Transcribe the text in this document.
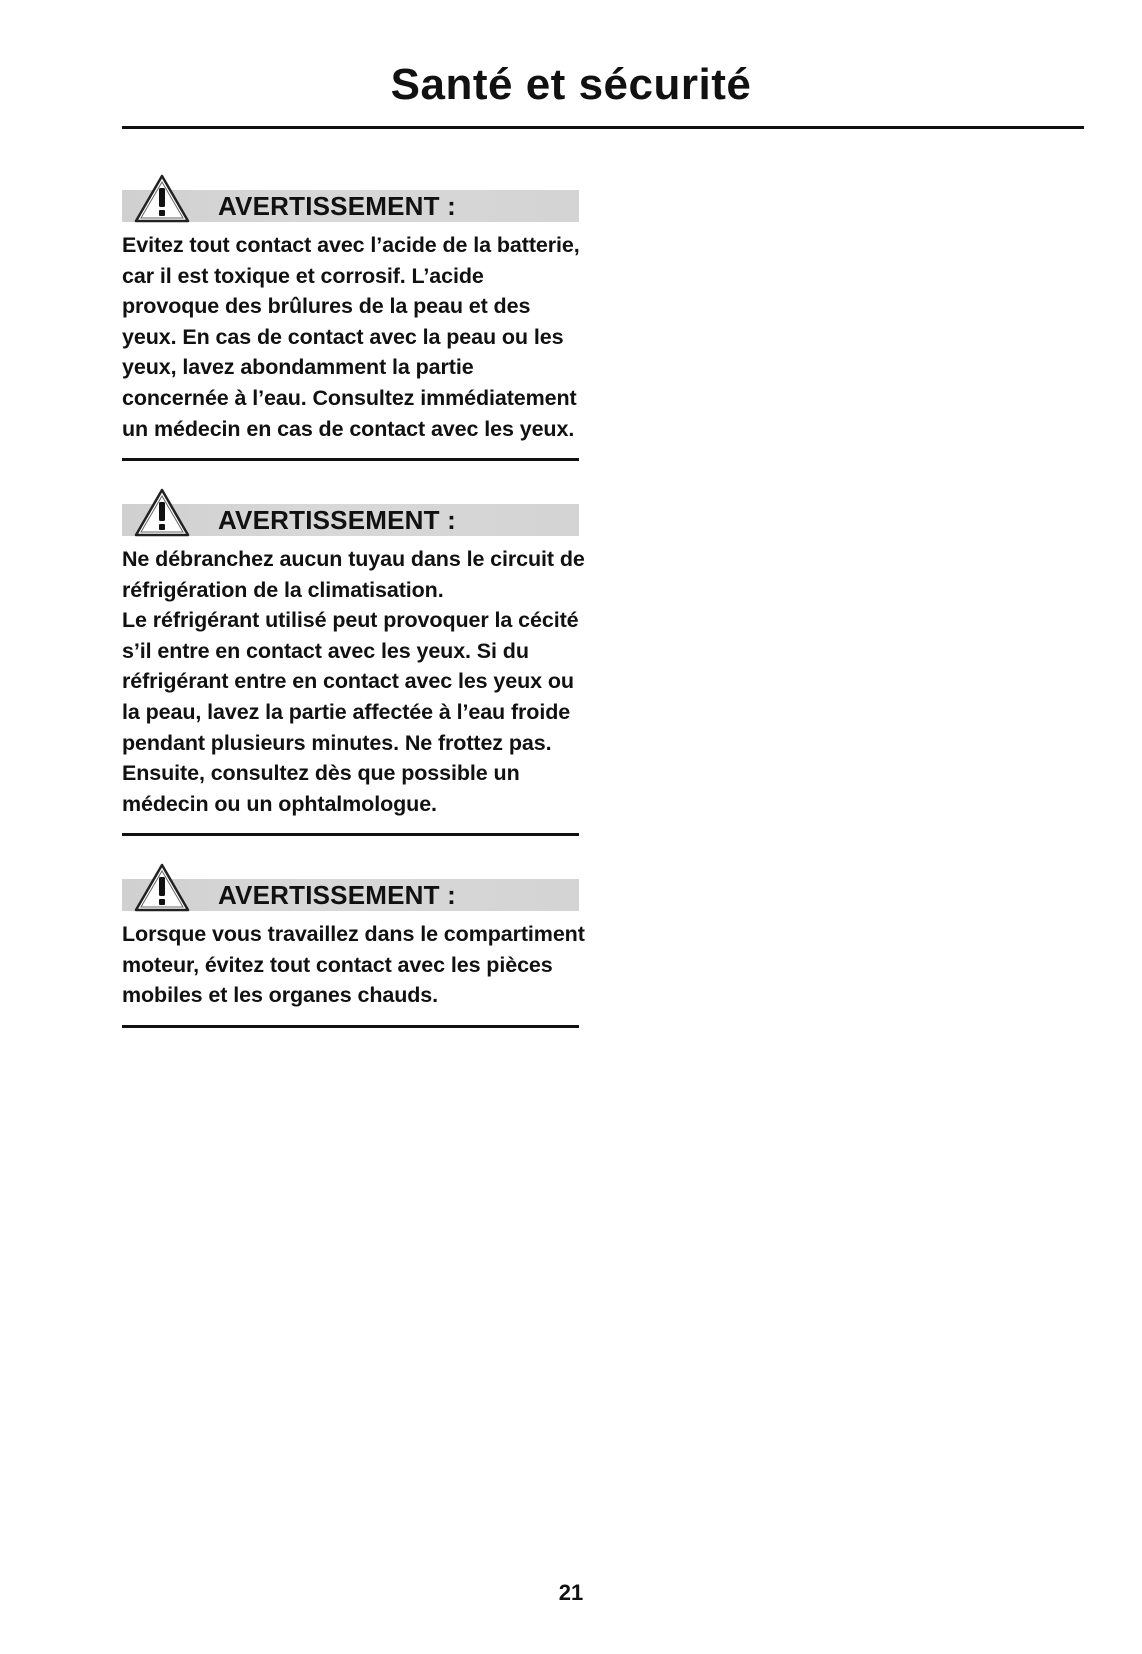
Santé et sécurité
AVERTISSEMENT :
Evitez tout contact avec l’acide de la batterie,
car il est toxique et corrosif. L’acide
provoque des brûlures de la peau et des
yeux. En cas de contact avec la peau ou les
yeux, lavez abondamment la partie
concernée à l’eau. Consultez immédiatement
un médecin en cas de contact avec les yeux.
AVERTISSEMENT :
Ne débranchez aucun tuyau dans le circuit de
réfrigération de la climatisation.
Le réfrigérant utilisé peut provoquer la cécité
s’il entre en contact avec les yeux. Si du
réfrigérant entre en contact avec les yeux ou
la peau, lavez la partie affectée à l’eau froide
pendant plusieurs minutes. Ne frottez pas.
Ensuite, consultez dès que possible un
médecin ou un ophtalmologue.
AVERTISSEMENT :
Lorsque vous travaillez dans le compartiment
moteur, évitez tout contact avec les pièces
mobiles et les organes chauds.
21
